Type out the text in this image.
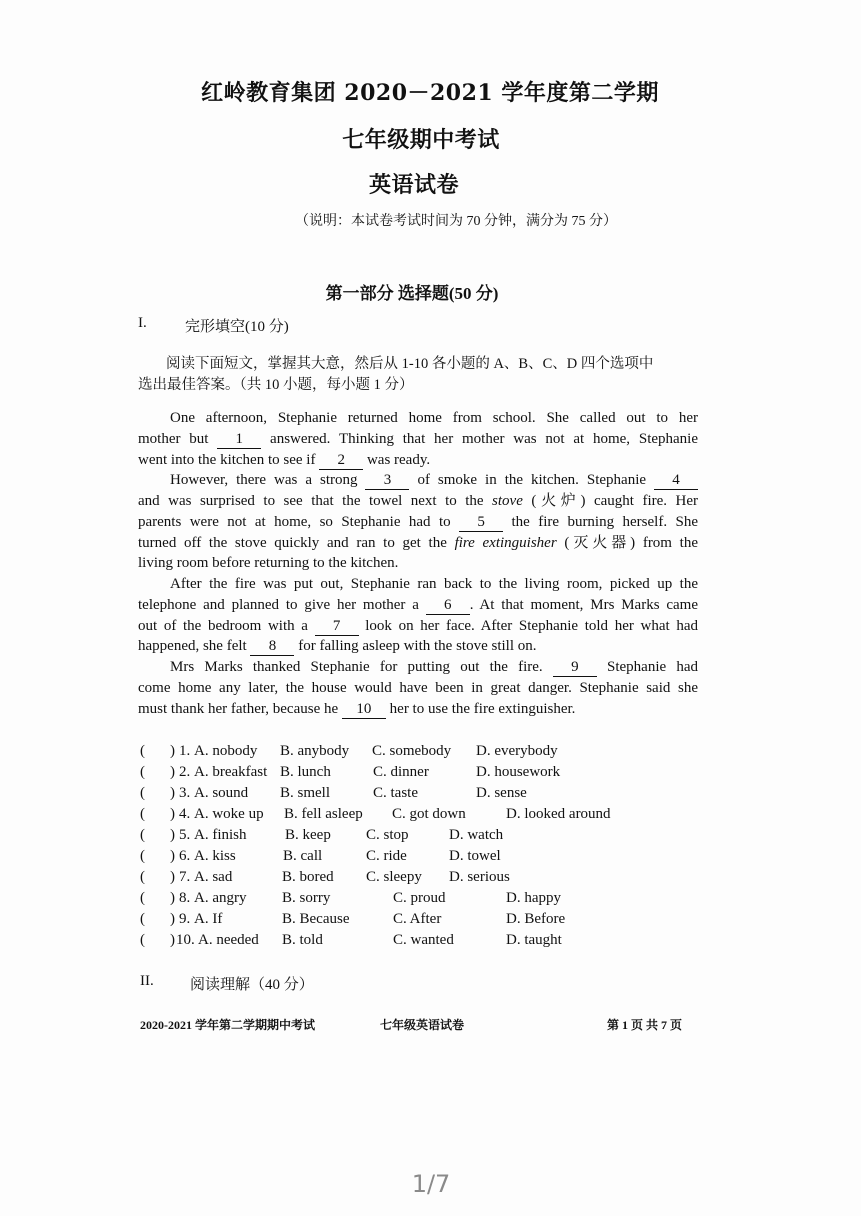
红岭教育集团 2020－2021 学年度第二学期
七年级期中考试
英语试卷
（说明：本试卷考试时间为 70 分钟，满分为 75 分）
第一部分 选择题(50 分)
I.	完形填空(10 分)
阅读下面短文，掌握其大意，然后从 1-10 各小题的 A、B、C、D 四个选项中
选出最佳答案。（共 10 小题，每小题 1 分）
One afternoon, Stephanie returned home from school. She called out to her
mother but 1 answered. Thinking that her mother was not at home, Stephanie
went into the kitchen to see if 2 was ready.
However, there was a strong 3 of smoke in the kitchen. Stephanie 4
and was surprised to see that the towel next to the stove (火炉) caught fire. Her
parents were not at home, so Stephanie had to 5 the fire burning herself. She
turned off the stove quickly and ran to get the fire extinguisher (灭火器) from the
living room before returning to the kitchen.
After the fire was put out, Stephanie ran back to the living room, picked up the
telephone and planned to give her mother a 6 . At that moment, Mrs Marks came
out of the bedroom with a 7 look on her face. After Stephanie told her what had
happened, she felt 8 for falling asleep with the stove still on.
Mrs Marks thanked Stephanie for putting out the fire. 9 Stephanie had
come home any later, the house would have been in great danger. Stephanie said she
must thank her father, because he 10 her to use the fire extinguisher.
( ) 1. A. nobody B. anybody C. somebody D. everybody
( ) 2. A. breakfast B. lunch	C. dinner	D. housework
( ) 3. A. sound B. smell	C. taste	D. sense
( ) 4. A. woke up B. fell asleep C. got down	D. looked around
( ) 5. A. finish	B. keep C. stop	D. watch
( ) 6. A. kiss	B. call	C. ride	D. towel
( ) 7. A. sad	B. bored C. sleepy D. serious
( ) 8. A. angry B. sorry	C. proud	D. happy
( ) 9. A. If	B. Because	C. After	D. Before
( ) 10. A. needed B. told	C. wanted	D. taught
II. 阅读理解（40 分）
2020-2021 学年第二学期期中考试	七年级英语试卷	第 1 页 共 7 页
1/7
